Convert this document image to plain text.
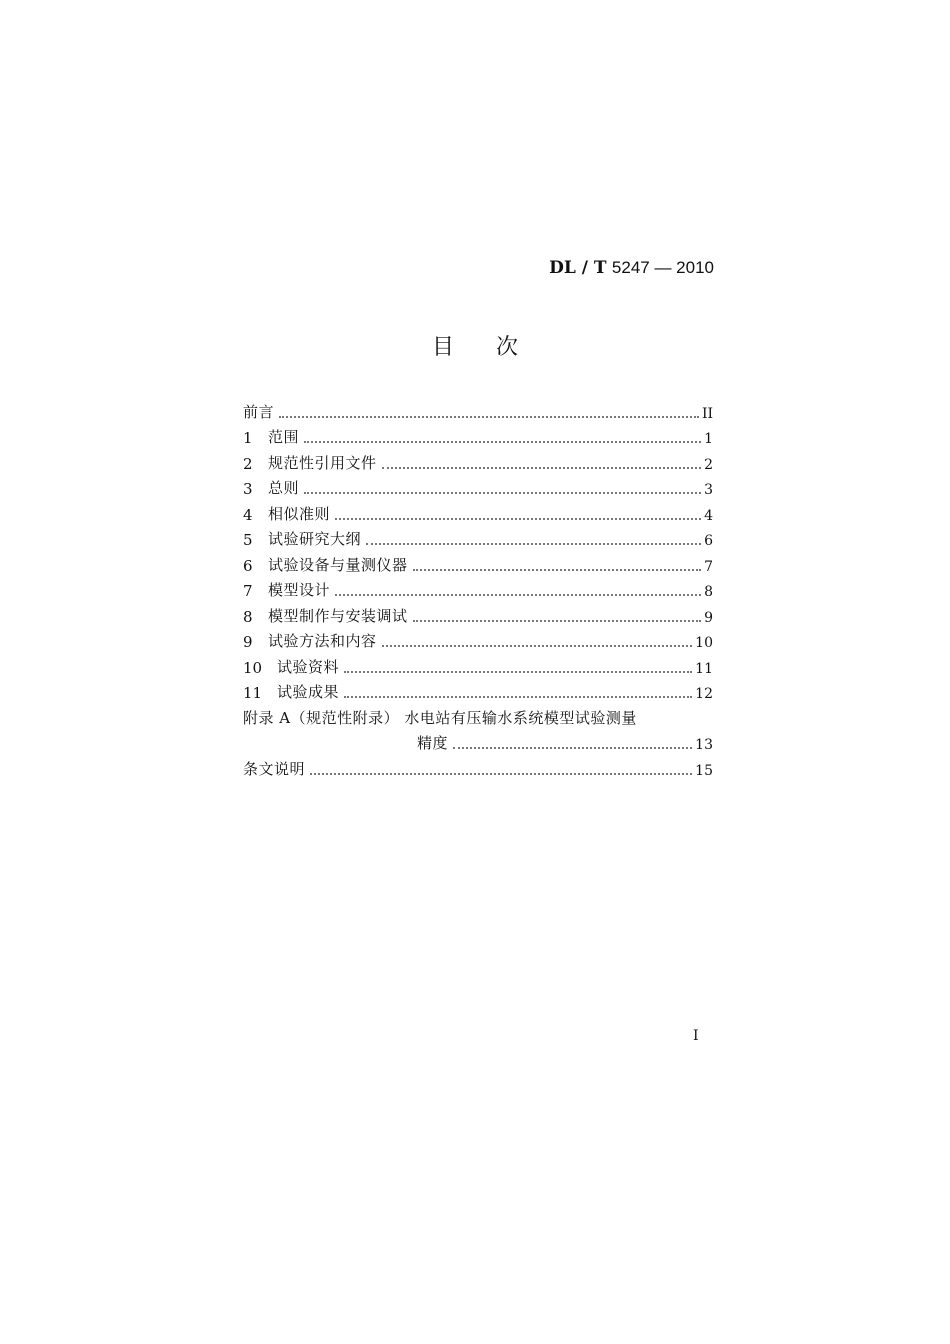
DL / T 5247 — 2010
目次
前言	II
1	范围	1
2	规范性引用文件	2
3	总则	3
4	相似准则	4
5	试验研究大纲	6
6	试验设备与量测仪器	7
7	模型设计	8
8	模型制作与安装调试	9
9	试验方法和内容	10
10 试验资料	11
11 试验成果	12
附录 A（规范性附录） 水电站有压输水系统模型试验测量
精度	13
条文说明	15
I
